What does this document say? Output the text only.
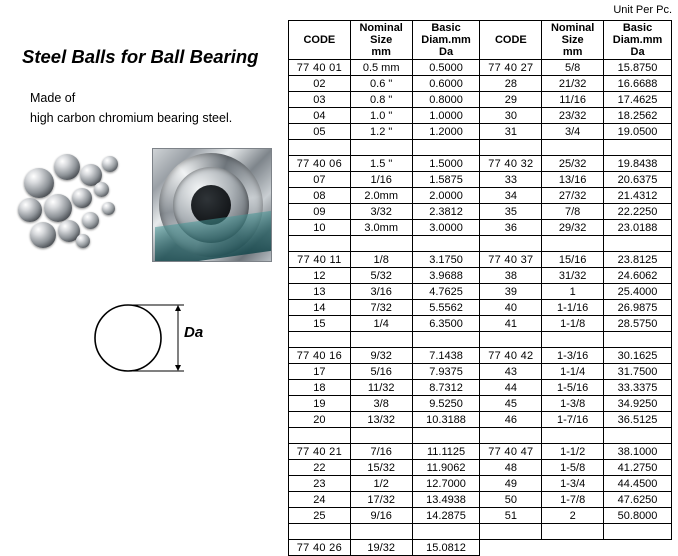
Unit Per Pc.
Steel Balls for Ball Bearing
Made of
high carbon chromium bearing steel.
Da
CODE	Nominal
Size
mm	Basic
Diam.mm
Da	CODE	Nominal
Size
mm	Basic
Diam.mm
Da
77 40 01	0.5 mm	0.5000	77 40 27	5/8	15.8750
02	0.6 "	0.6000	28	21/32	16.6688
03	0.8 "	0.8000	29	11/16	17.4625
04	1.0 "	1.0000	30	23/32	18.2562
05	1.2 "	1.2000	31	3/4	19.0500

77 40 06	1.5 "	1.5000	77 40 32	25/32	19.8438
07	1/16	1.5875	33	13/16	20.6375
08	2.0mm	2.0000	34	27/32	21.4312
09	3/32	2.3812	35	7/8	22.2250
10	3.0mm	3.0000	36	29/32	23.0188

77 40 11	1/8	3.1750	77 40 37	15/16	23.8125
12	5/32	3.9688	38	31/32	24.6062
13	3/16	4.7625	39	1	25.4000
14	7/32	5.5562	40	1-1/16	26.9875
15	1/4	6.3500	41	1-1/8	28.5750

77 40 16	9/32	7.1438	77 40 42	1-3/16	30.1625
17	5/16	7.9375	43	1-1/4	31.7500
18	11/32	8.7312	44	1-5/16	33.3375
19	3/8	9.5250	45	1-3/8	34.9250
20	13/32	10.3188	46	1-7/16	36.5125

77 40 21	7/16	11.1125	77 40 47	1-1/2	38.1000
22	15/32	11.9062	48	1-5/8	41.2750
23	1/2	12.7000	49	1-3/4	44.4500
24	17/32	13.4938	50	1-7/8	47.6250
25	9/16	14.2875	51	2	50.8000

77 40 26	19/32	15.0812			
